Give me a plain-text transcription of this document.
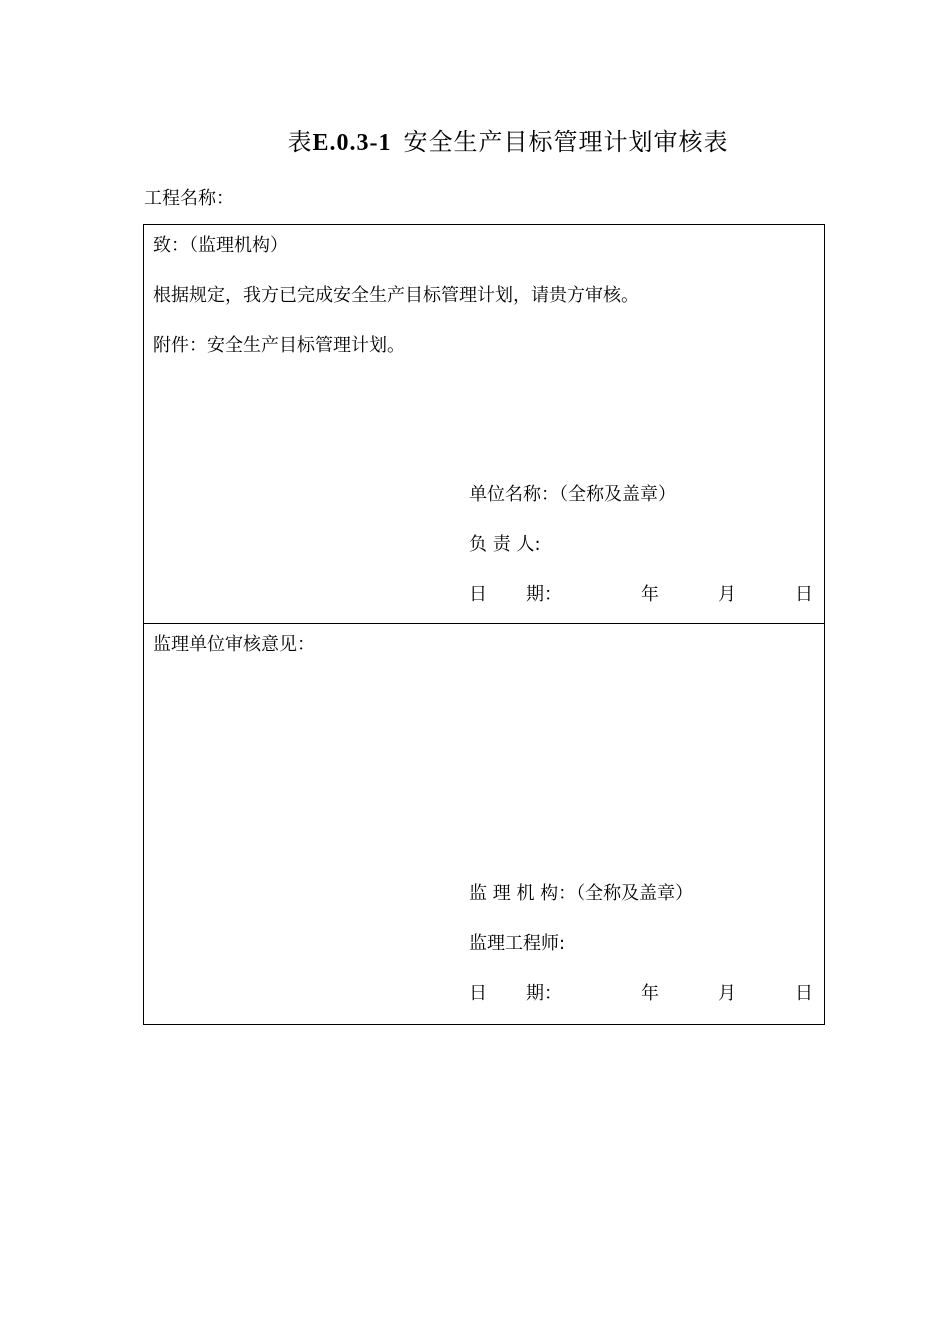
表E.0.3-1 安全生产目标管理计划审核表
工程名称：
致：（监理机构）
根据规定，我方已完成安全生产目标管理计划，请贵方审核。
附件：安全生产目标管理计划。
单位名称：（全称及盖章）
负 责 人:
日 期：	年	月	日
监理单位审核意见：
监 理 机 构：（全称及盖章）
监理工程师:
日 期：	年	月	日
